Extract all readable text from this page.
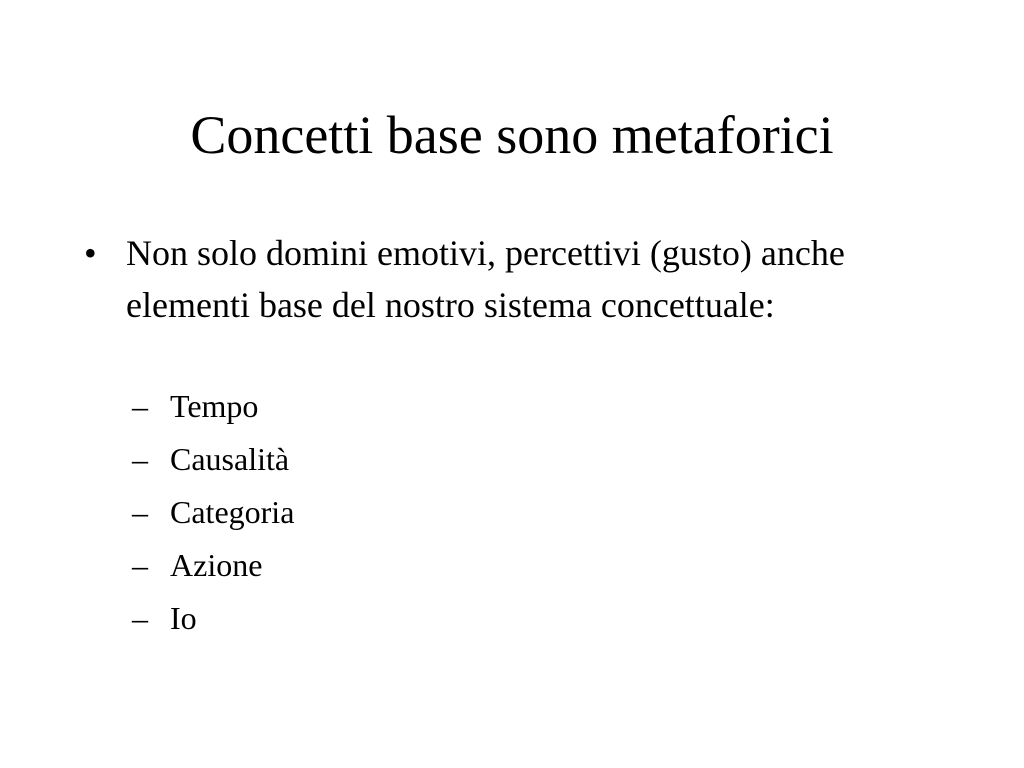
Concetti base sono metaforici
• Non solo domini emotivi, percettivi (gusto) anche elementi base del nostro sistema concettuale:
– Tempo
– Causalità
– Categoria
– Azione
– Io
